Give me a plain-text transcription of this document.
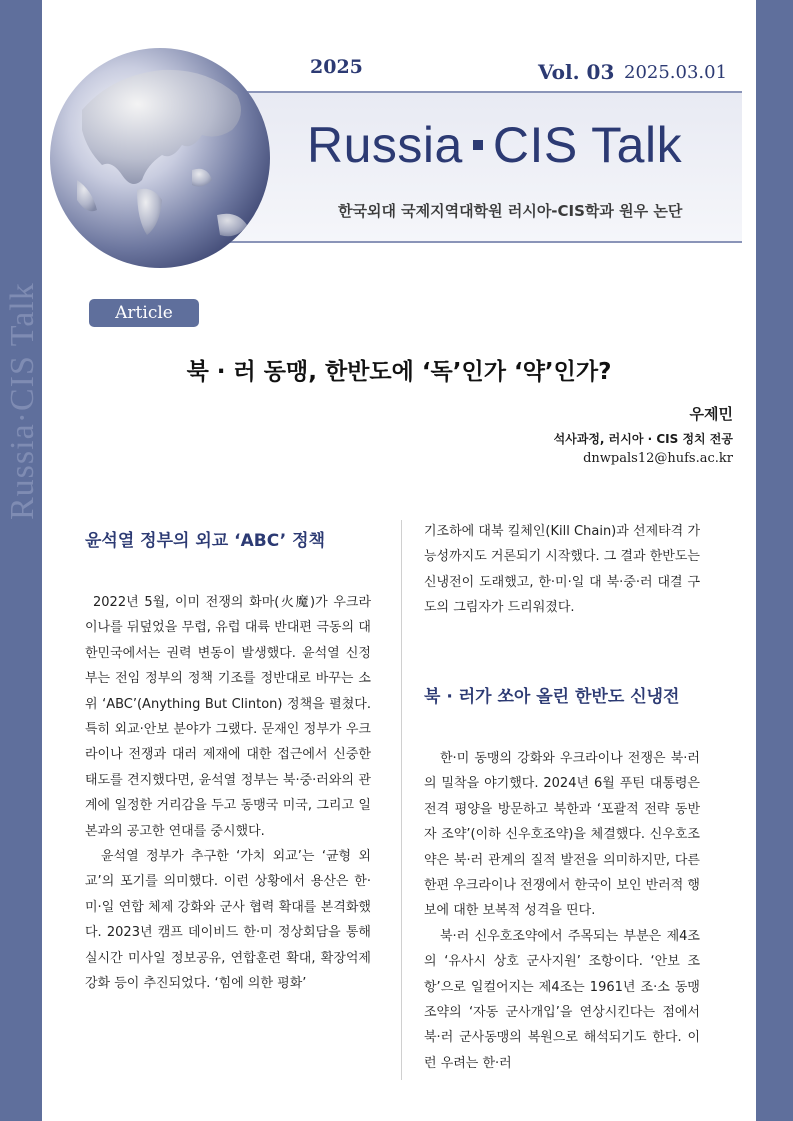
Russia·CIS Talk
2025	Vol. 03 2025.03.01
Russia CIS Talk
한국외대 국제지역대학원 러시아-CIS학과 원우 논단
Article
북 · 러 동맹, 한반도에 ‘독’인가 ‘약’인가?
우제민
석사과정, 러시아 · CIS 정치 전공
dnwpals12@hufs.ac.kr
윤석열 정부의 외교 ‘ABC’ 정책

2022년 5월, 이미 전쟁의 화마(火魔)가 우크라이나를 뒤덮었을 무렵, 유럽 대륙 반대편 극동의 대한민국에서는 권력 변동이 발생했다. 윤석열 신정부는 전임 정부의 정책 기조를 정반대로 바꾸는 소위 ‘ABC’(Anything But Clinton) 정책을 펼쳤다. 특히 외교·안보 분야가 그랬다. 문재인 정부가 우크라이나 전쟁과 대러 제재에 대한 접근에서 신중한 태도를 견지했다면, 윤석열 정부는 북·중·러와의 관계에 일정한 거리감을 두고 동맹국 미국, 그리고 일본과의 공고한 연대를 중시했다.

윤석열 정부가 추구한 ‘가치 외교’는 ‘균형 외교’의 포기를 의미했다. 이런 상황에서 용산은 한·미·일 연합 체제 강화와 군사 협력 확대를 본격화했다. 2023년 캠프 데이비드 한·미 정상회담을 통해 실시간 미사일 정보공유, 연합훈련 확대, 확장억제 강화 등이 추진되었다. ‘힘에 의한 평화’

기조하에 대북 킬체인(Kill Chain)과 선제타격 가능성까지도 거론되기 시작했다. 그 결과 한반도는 신냉전이 도래했고, 한·미·일 대 북·중·러 대결 구도의 그림자가 드리워졌다.

북 · 러가 쏘아 올린 한반도 신냉전

한·미 동맹의 강화와 우크라이나 전쟁은 북·러의 밀착을 야기했다. 2024년 6월 푸틴 대통령은 전격 평양을 방문하고 북한과 ‘포괄적 전략 동반자 조약’(이하 신우호조약)을 체결했다. 신우호조약은 북·러 관계의 질적 발전을 의미하지만, 다른 한편 우크라이나 전쟁에서 한국이 보인 반러적 행보에 대한 보복적 성격을 띤다.

북·러 신우호조약에서 주목되는 부분은 제4조의 ‘유사시 상호 군사지원’ 조항이다. ‘안보 조항’으로 일컬어지는 제4조는 1961년 조·소 동맹조약의 ‘자동 군사개입’을 연상시킨다는 점에서 북·러 군사동맹의 복원으로 해석되기도 한다. 이런 우려는 한·러
